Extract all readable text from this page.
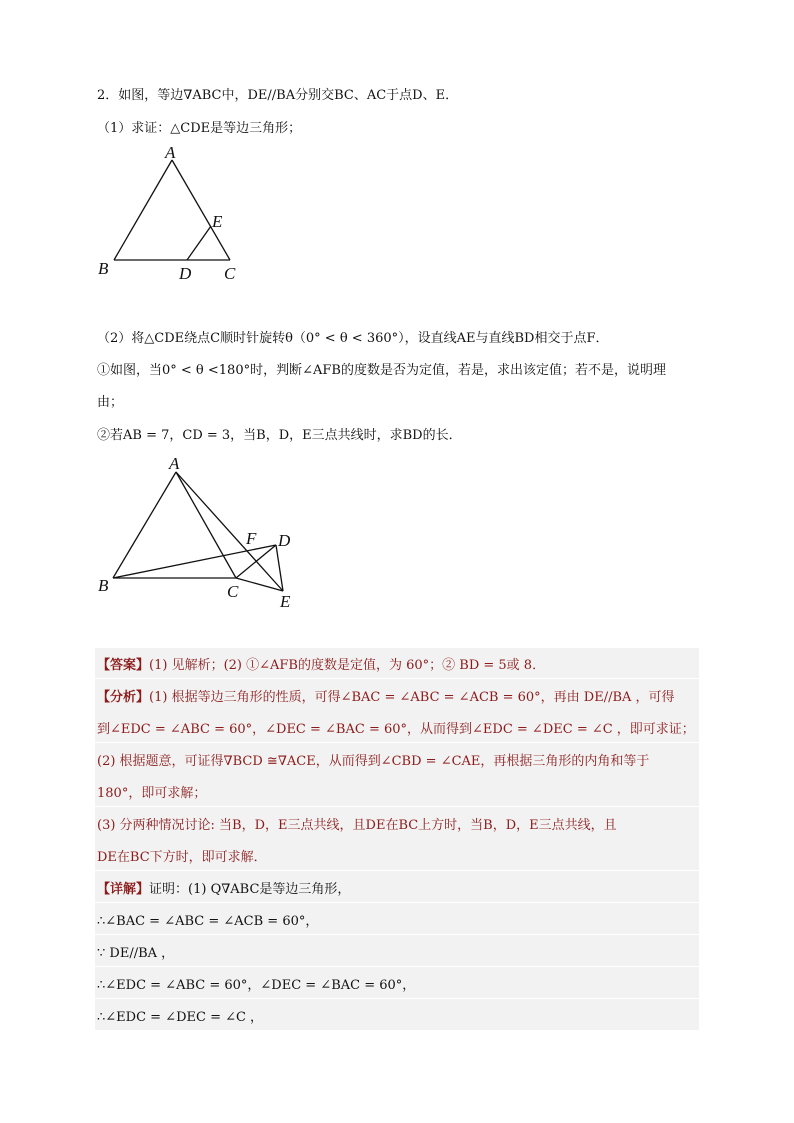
2．如图，等边∇ABC中，DE//BA分别交BC、AC于点D、E．
（1）求证：△CDE是等边三角形；
A
B	C
D
E
（2）将△CDE绕点C顺时针旋转θ（0° < θ < 360°），设直线AE与直线BD相交于点F．
①如图，当0° < θ <180°时，判断∠AFB的度数是否为定值，若是，求出该定值；若不是，说明理
由；
②若AB = 7，CD = 3，当B，D，E三点共线时，求BD的长．
A
B	C
D
E
F
【答案】(1) 见解析；(2) ①∠AFB的度数是定值，为 60°；② BD = 5或 8．
【分析】(1) 根据等边三角形的性质，可得∠BAC = ∠ABC = ∠ACB = 60°，再由 DE//BA ，可得
到∠EDC = ∠ABC = 60°，∠DEC = ∠BAC = 60°，从而得到∠EDC = ∠DEC = ∠C ，即可求证；
(2) 根据题意，可证得∇BCD ≅∇ACE，从而得到∠CBD = ∠CAE，再根据三角形的内角和等于
180°，即可求解；
(3) 分两种情况讨论: 当B，D，E三点共线，且DE在BC上方时，当B，D，E三点共线，且
DE在BC下方时，即可求解．
【详解】证明：(1) Q∇ABC是等边三角形，
∴∠BAC = ∠ABC = ∠ACB = 60°，
∵ DE//BA ，
∴∠EDC = ∠ABC = 60°，∠DEC = ∠BAC = 60°，
∴∠EDC = ∠DEC = ∠C ，
